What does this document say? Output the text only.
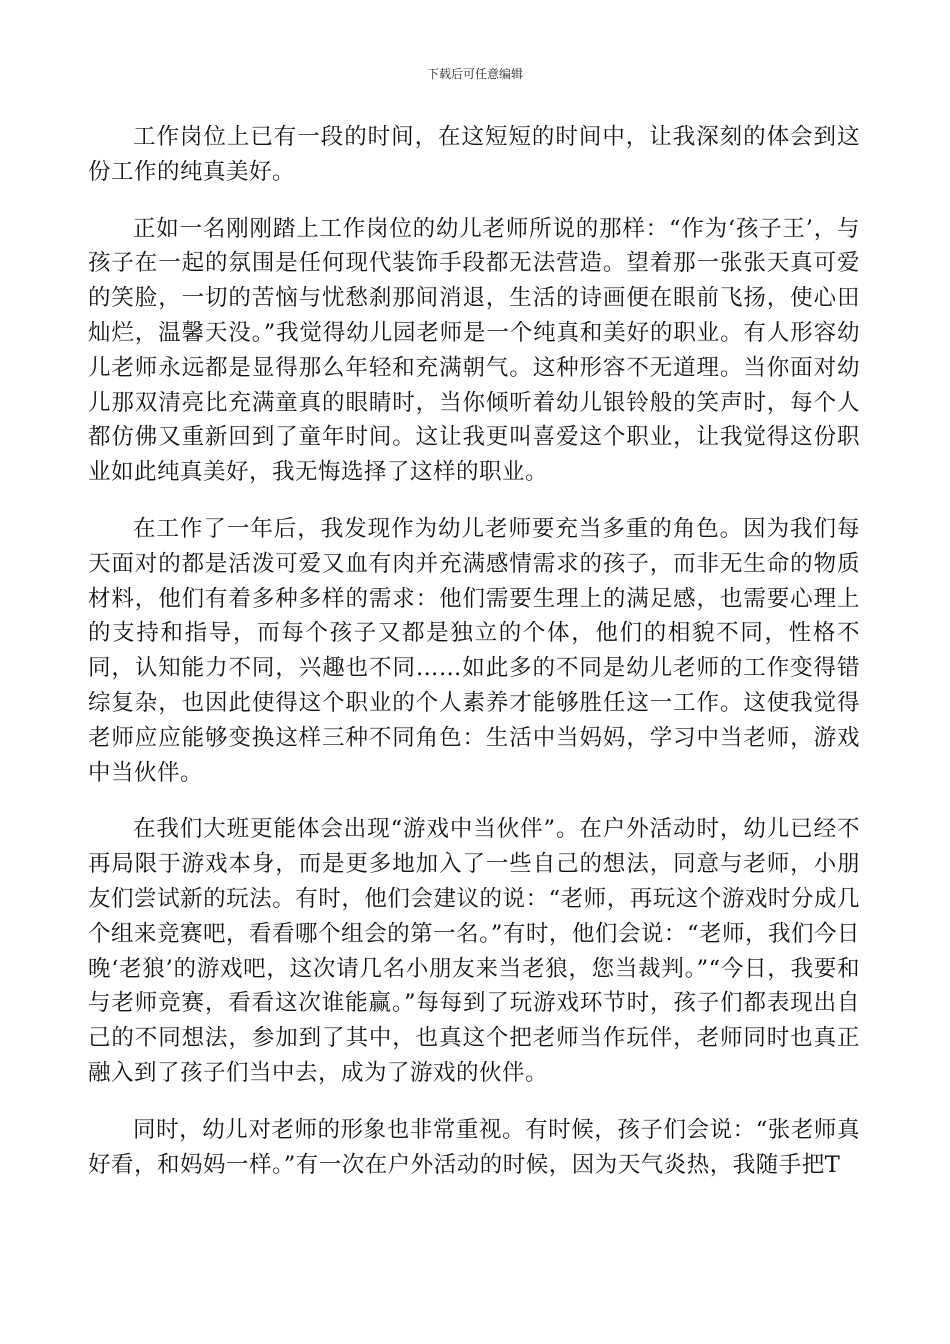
下载后可任意编辑

工作岗位上已有一段的时间，在这短短的时间中，让我深刻的体会到这份工作的纯真美好。

正如一名刚刚踏上工作岗位的幼儿老师所说的那样：“作为‘孩子王’，与孩子在一起的氛围是任何现代装饰手段都无法营造。望着那一张张天真可爱的笑脸，一切的苦恼与忧愁刹那间消退，生活的诗画便在眼前飞扬，使心田灿烂，温馨天没。”我觉得幼儿园老师是一个纯真和美好的职业。有人形容幼儿老师永远都是显得那么年轻和充满朝气。这种形容不无道理。当你面对幼儿那双清亮比充满童真的眼睛时，当你倾听着幼儿银铃般的笑声时，每个人都仿佛又重新回到了童年时间。这让我更叫喜爱这个职业，让我觉得这份职业如此纯真美好，我无悔选择了这样的职业。

在工作了一年后，我发现作为幼儿老师要充当多重的角色。因为我们每天面对的都是活泼可爱又血有肉并充满感情需求的孩子，而非无生命的物质材料，他们有着多种多样的需求：他们需要生理上的满足感，也需要心理上的支持和指导，而每个孩子又都是独立的个体，他们的相貌不同，性格不同，认知能力不同，兴趣也不同……如此多的不同是幼儿老师的工作变得错综复杂，也因此使得这个职业的个人素养才能够胜任这一工作。这使我觉得老师应应能够变换这样三种不同角色：生活中当妈妈，学习中当老师，游戏中当伙伴。

在我们大班更能体会出现“游戏中当伙伴”。在户外活动时，幼儿已经不再局限于游戏本身，而是更多地加入了一些自己的想法，同意与老师，小朋友们尝试新的玩法。有时，他们会建议的说：“老师，再玩这个游戏时分成几个组来竞赛吧，看看哪个组会的第一名。”有时，他们会说：“老师，我们今日晚‘老狼’的游戏吧，这次请几名小朋友来当老狼，您当裁判。”“今日，我要和与老师竞赛，看看这次谁能赢。”每每到了玩游戏环节时，孩子们都表现出自己的不同想法，参加到了其中，也真这个把老师当作玩伴，老师同时也真正融入到了孩子们当中去，成为了游戏的伙伴。

同时，幼儿对老师的形象也非常重视。有时候，孩子们会说：“张老师真好看，和妈妈一样。”有一次在户外活动的时候，因为天气炎热，我随手把T
